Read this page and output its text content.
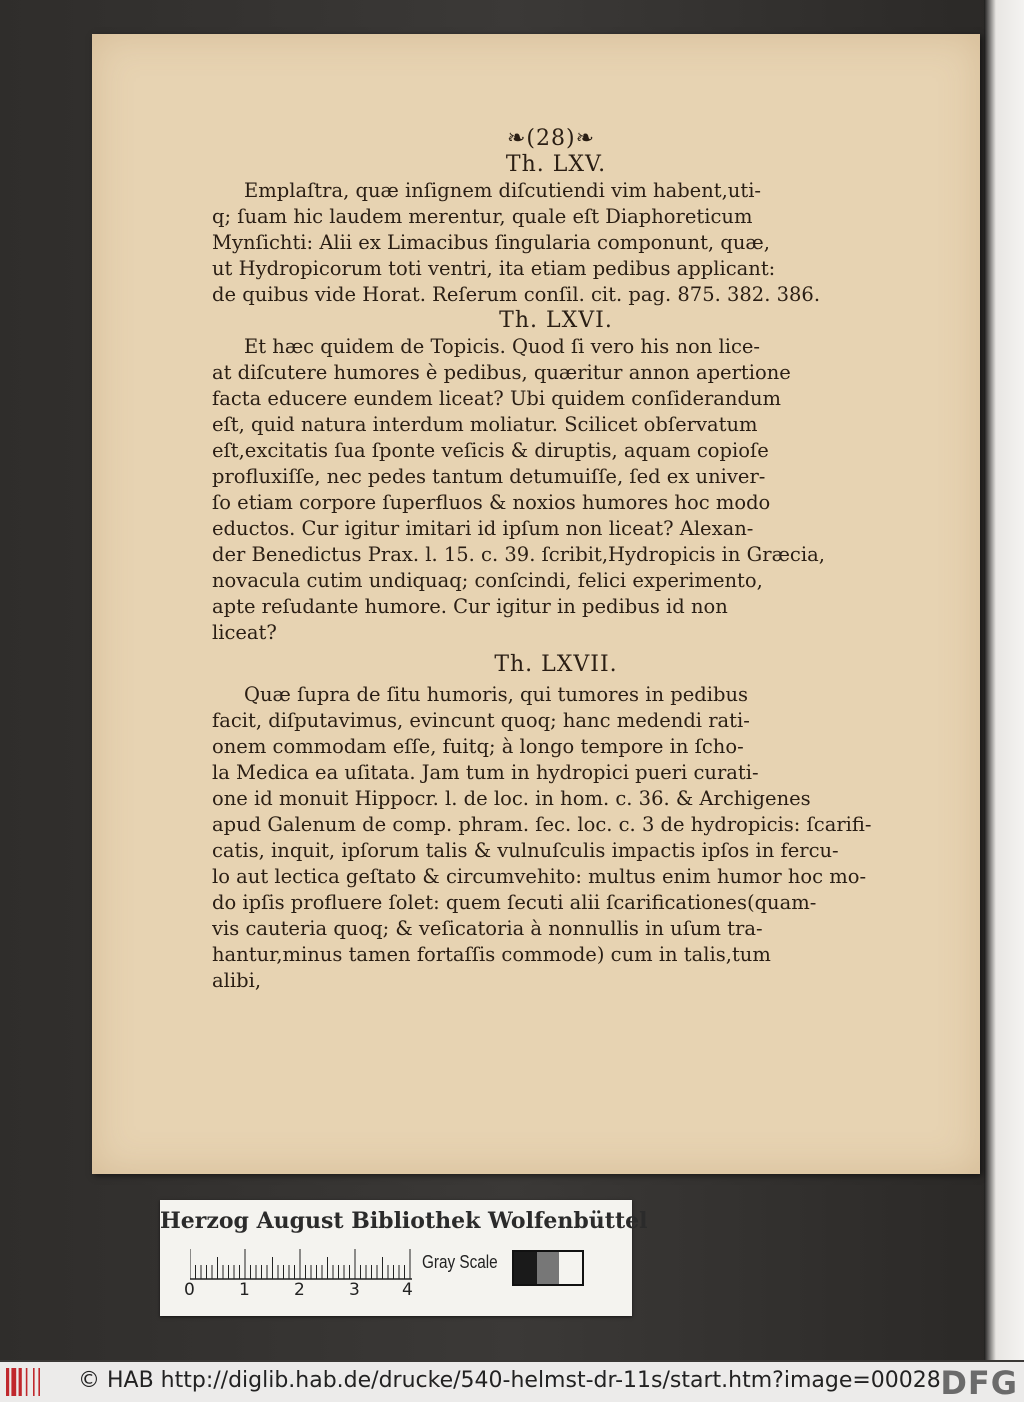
❧(28)❧
Th. LXV.

Emplaſtra, quæ inſignem diſcutiendi vim habent,uti-
q; ſuam hic laudem merentur, quale eſt Diaphoreticum
Mynſichti: Alii ex Limacibus ſingularia componunt, quæ,
ut Hydropicorum toti ventri, ita etiam pedibus applicant:
de quibus vide Horat. Reſerum conſil. cit. pag. 875. 382. 386.

Th. LXVI.

Et hæc quidem de Topicis. Quod ſi vero his non lice-
at diſcutere humores è pedibus, quæritur annon apertione
facta educere eundem liceat? Ubi quidem conſiderandum
eſt, quid natura interdum moliatur. Scilicet obſervatum
eſt,excitatis ſua ſponte veſicis & diruptis, aquam copioſe
profluxiſſe, nec pedes tantum detumuiſſe, ſed ex univer-
ſo etiam corpore ſuperfluos & noxios humores hoc modo
eductos. Cur igitur imitari id ipſum non liceat? Alexan-
der Benedictus Prax. l. 15. c. 39. ſcribit,Hydropicis in Græcia,
novacula cutim undiquaq; conſcindi, felici experimento,
apte reſudante humore. Cur igitur in pedibus id non
liceat?

Th. LXVII.

Quæ ſupra de ſitu humoris, qui tumores in pedibus
facit, diſputavimus, evincunt quoq; hanc medendi rati-
onem commodam eſſe, fuitq; à longo tempore in ſcho-
la Medica ea uſitata. Jam tum in hydropici pueri curati-
one id monuit Hippocr. l. de loc. in hom. c. 36. & Archigenes
apud Galenum de comp. phram. ſec. loc. c. 3 de hydropicis: ſcarifi-
catis, inquit, ipſorum talis & vulnuſculis impactis ipſos in fercu-
lo aut lectica geſtato & circumvehito: multus enim humor hoc mo-
do ipſis profluere ſolet: quem ſecuti alii ſcarificationes(quam-
vis cauteria quoq; & veſicatoria à nonnullis in uſum tra-
hantur,minus tamen fortaſſis commode) cum in talis,tum
alibi,

Herzog August Bibliothek Wolfenbüttel
0	1	2	3 4
Gray Scale
© HAB http://diglib.hab.de/drucke/540-helmst-dr-11s/start.htm?image=00028 DFG
